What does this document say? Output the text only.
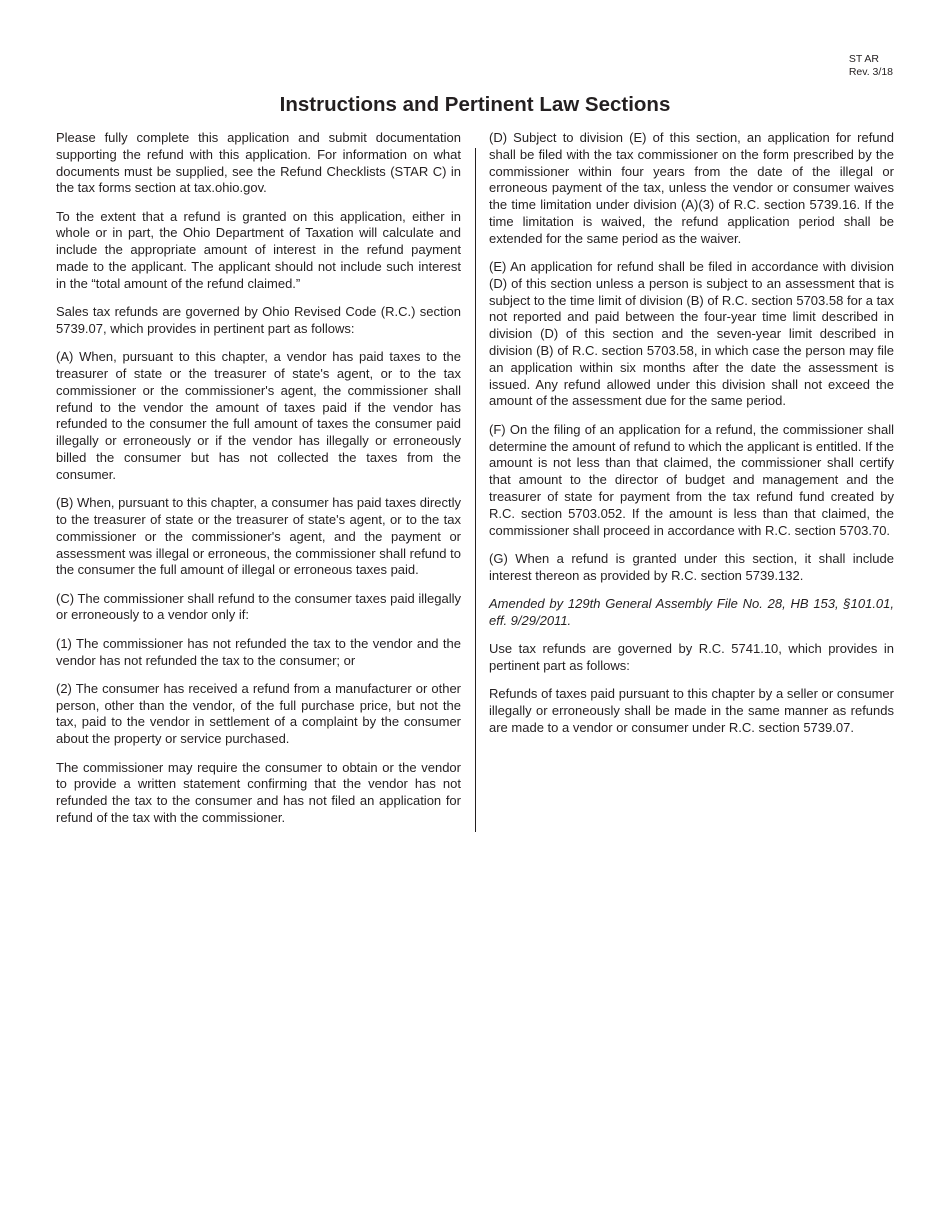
ST AR
Rev. 3/18
Instructions and Pertinent Law Sections

Please fully complete this application and submit documentation supporting the refund with this application. For information on what documents must be supplied, see the Refund Checklists (STAR C) in the tax forms section at tax.ohio.gov.

To the extent that a refund is granted on this application, either in whole or in part, the Ohio Department of Taxation will calculate and include the appropriate amount of interest in the refund payment made to the applicant. The applicant should not include such interest in the “total amount of the refund claimed.”

Sales tax refunds are governed by Ohio Revised Code (R.C.) section 5739.07, which provides in pertinent part as follows:

(A) When, pursuant to this chapter, a vendor has paid taxes to the treasurer of state or the treasurer of state's agent, or to the tax commissioner or the commissioner's agent, the commissioner shall refund to the vendor the amount of taxes paid if the vendor has refunded to the consumer the full amount of taxes the consumer paid illegally or erroneously or if the vendor has illegally or erroneously billed the consumer but has not collected the taxes from the consumer.

(B) When, pursuant to this chapter, a consumer has paid taxes directly to the treasurer of state or the treasurer of state's agent, or to the tax commissioner or the commissioner's agent, and the payment or assessment was illegal or erroneous, the commissioner shall refund to the consumer the full amount of illegal or erroneous taxes paid.

(C) The commissioner shall refund to the consumer taxes paid illegally or erroneously to a vendor only if:

(1) The commissioner has not refunded the tax to the vendor and the vendor has not refunded the tax to the consumer; or

(2) The consumer has received a refund from a manufacturer or other person, other than the vendor, of the full purchase price, but not the tax, paid to the vendor in settlement of a complaint by the consumer about the property or service purchased.

The commissioner may require the consumer to obtain or the vendor to provide a written statement confirming that the vendor has not refunded the tax to the consumer and has not filed an application for refund of the tax with the commissioner.

(D) Subject to division (E) of this section, an application for refund shall be filed with the tax commissioner on the form prescribed by the commissioner within four years from the date of the illegal or erroneous payment of the tax, unless the vendor or consumer waives the time limitation under division (A)(3) of R.C. section 5739.16. If the time limitation is waived, the refund application period shall be extended for the same period as the waiver.

(E) An application for refund shall be filed in accordance with division (D) of this section unless a person is subject to an assessment that is subject to the time limit of division (B) of R.C. section 5703.58 for a tax not reported and paid between the four-year time limit described in division (D) of this section and the seven-year limit described in division (B) of R.C. section 5703.58, in which case the person may file an application within six months after the date the assessment is issued. Any refund allowed under this division shall not exceed the amount of the assessment due for the same period.

(F) On the filing of an application for a refund, the commissioner shall determine the amount of refund to which the applicant is entitled. If the amount is not less than that claimed, the commissioner shall certify that amount to the director of budget and management and the treasurer of state for payment from the tax refund fund created by R.C. section 5703.052. If the amount is less than that claimed, the commissioner shall proceed in accordance with R.C. section 5703.70.

(G) When a refund is granted under this section, it shall include interest thereon as provided by R.C. section 5739.132.

Amended by 129th General Assembly File No. 28, HB 153, §101.01, eff. 9/29/2011.

Use tax refunds are governed by R.C. 5741.10, which provides in pertinent part as follows:

Refunds of taxes paid pursuant to this chapter by a seller or consumer illegally or erroneously shall be made in the same manner as refunds are made to a vendor or consumer under R.C. section 5739.07.
